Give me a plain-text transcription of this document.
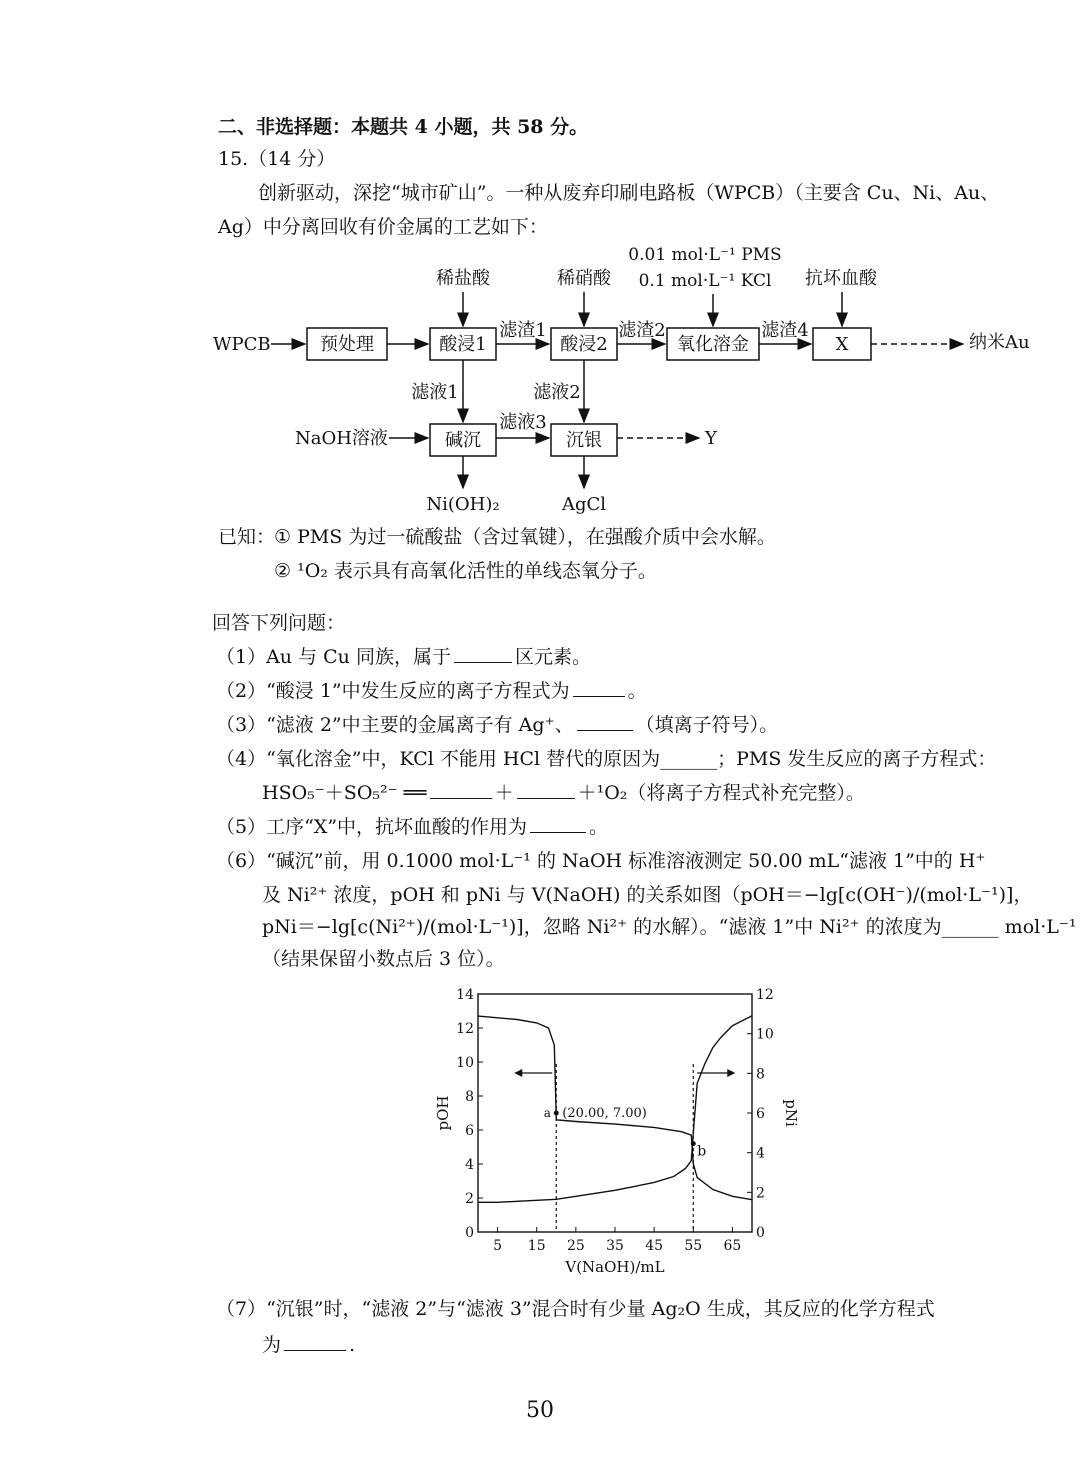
二、非选择题：本题共 4 小题，共 58 分。
15.（14 分）
创新驱动，深挖“城市矿山”。一种从废弃印刷电路板（WPCB）（主要含 Cu、Ni、Au、
Ag）中分离回收有价金属的工艺如下：
WPCB	预处理	酸浸1
稀盐酸
滤渣1
酸浸2
稀硝酸
滤渣2
氧化溶金
0.01 mol·L⁻¹ PMS
0.1 mol·L⁻¹ KCl
滤渣4
X
抗坏血酸
纳米Au
滤液1	滤液2
NaOH溶液	碱沉
滤液3
沉银	Y
Ni(OH)₂	AgCl
已知：
① PMS 为过一硫酸盐（含过氧键），在强酸介质中会水解。
② ¹O₂ 表示具有高氧化活性的单线态氧分子。
回答下列问题：
（1）Au 与 Cu 同族，属于	区元素。
（2）“酸浸 1”中发生反应的离子方程式为	。
（3）“滤液 2”中主要的金属离子有 Ag⁺、	（填离子符号）。
（4）“氧化溶金”中，KCl 不能用 HCl 替代的原因为______；PMS 发生反应的离子方程式：
HSO₅⁻＋SO₅²⁻ ══	＋	＋¹O₂（将离子方程式补充完整）。
（5）工序“X”中，抗坏血酸的作用为	。
（6）“碱沉”前，用 0.1000 mol·L⁻¹ 的 NaOH 标准溶液测定 50.00 mL“滤液 1”中的 H⁺
及 Ni²⁺ 浓度，pOH 和 pNi 与 V(NaOH) 的关系如图（pOH＝−lg[c(OH⁻)/(mol·L⁻¹)]，
pNi＝−lg[c(Ni²⁺)/(mol·L⁻¹)]，忽略 Ni²⁺ 的水解）。“滤液 1”中 Ni²⁺ 的浓度为______ mol·L⁻¹
（结果保留小数点后 3 位）。
5 15 25 35 45 55 65
0
2
4
6
8
10
12
14
0
2
4
6
8
10
12
V(NaOH)/mL
pOH	pNi
a (20.00, 7.00)
b
（7）“沉银”时，“滤液 2”与“滤液 3”混合时有少量 Ag₂O 生成，其反应的化学方程式
为	.
50
